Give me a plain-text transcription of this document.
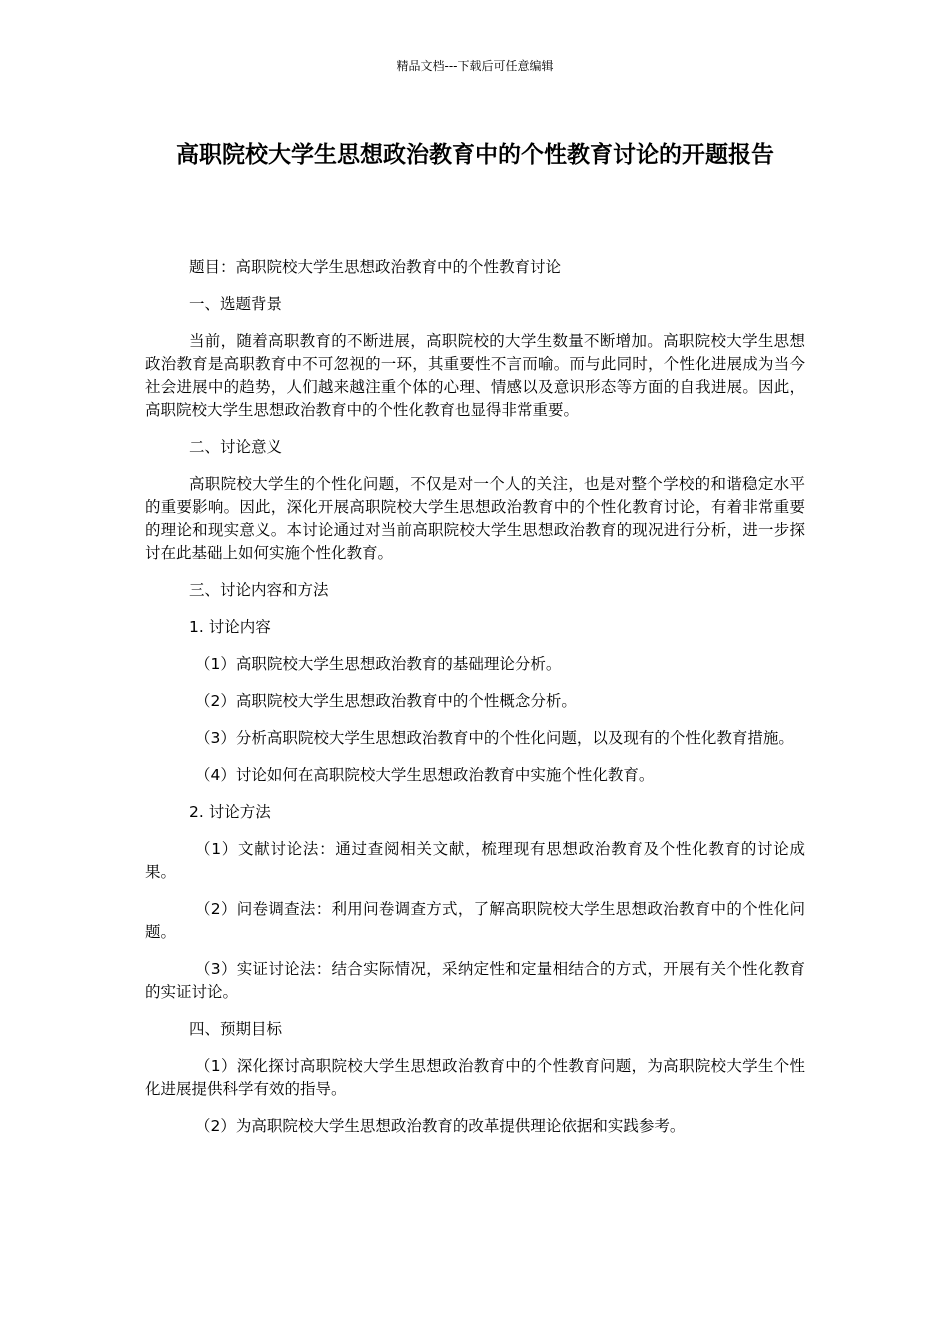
精品文档---下载后可任意编辑
高职院校大学生思想政治教育中的个性教育讨论的开题报告

题目：高职院校大学生思想政治教育中的个性教育讨论

一、选题背景

当前，随着高职教育的不断进展，高职院校的大学生数量不断增加。高职院校大学生思想政治教育是高职教育中不可忽视的一环，其重要性不言而喻。而与此同时，个性化进展成为当今社会进展中的趋势，人们越来越注重个体的心理、情感以及意识形态等方面的自我进展。因此，高职院校大学生思想政治教育中的个性化教育也显得非常重要。

二、讨论意义

高职院校大学生的个性化问题，不仅是对一个人的关注，也是对整个学校的和谐稳定水平的重要影响。因此，深化开展高职院校大学生思想政治教育中的个性化教育讨论，有着非常重要的理论和现实意义。本讨论通过对当前高职院校大学生思想政治教育的现况进行分析，进一步探讨在此基础上如何实施个性化教育。

三、讨论内容和方法

1. 讨论内容

（1）高职院校大学生思想政治教育的基础理论分析。

（2）高职院校大学生思想政治教育中的个性概念分析。

（3）分析高职院校大学生思想政治教育中的个性化问题，以及现有的个性化教育措施。

（4）讨论如何在高职院校大学生思想政治教育中实施个性化教育。

2. 讨论方法

（1）文献讨论法：通过查阅相关文献，梳理现有思想政治教育及个性化教育的讨论成果。

（2）问卷调查法：利用问卷调查方式，了解高职院校大学生思想政治教育中的个性化问题。

（3）实证讨论法：结合实际情况，采纳定性和定量相结合的方式，开展有关个性化教育的实证讨论。

四、预期目标

（1）深化探讨高职院校大学生思想政治教育中的个性教育问题，为高职院校大学生个性化进展提供科学有效的指导。

（2）为高职院校大学生思想政治教育的改革提供理论依据和实践参考。
